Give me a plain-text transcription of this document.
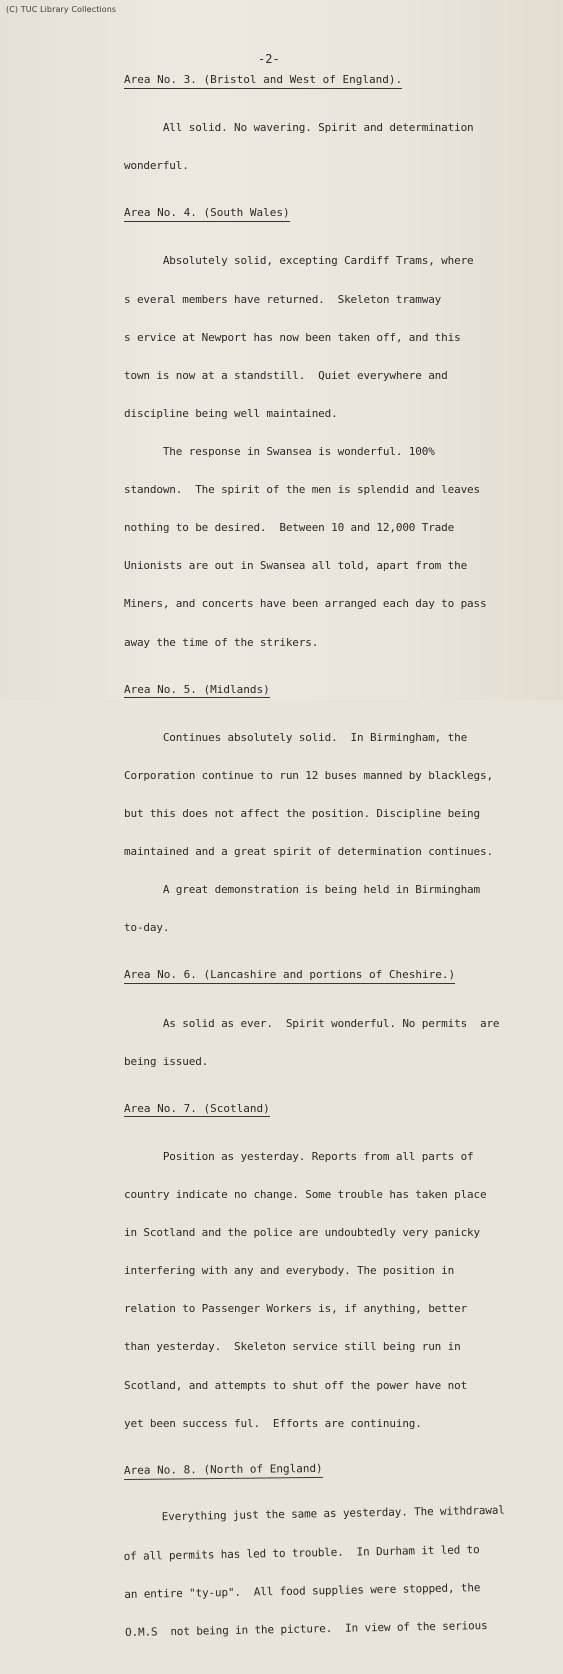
(C) TUC Library Collections
-2-
Area No. 3. (Bristol and West of England).

All solid. No wavering. Spirit and determination

wonderful.

Area No. 4. (South Wales)

Absolutely solid, excepting Cardiff Trams, where

s everal members have returned.  Skeleton tramway

s ervice at Newport has now been taken off, and this

town is now at a standstill.  Quiet everywhere and

discipline being well maintained.

The response in Swansea is wonderful. 100%

standown.  The spirit of the men is splendid and leaves

nothing to be desired.  Between 10 and 12,000 Trade

Unionists are out in Swansea all told, apart from the

Miners, and concerts have been arranged each day to pass

away the time of the strikers.

Area No. 5. (Midlands)

Continues absolutely solid.  In Birmingham, the

Corporation continue to run 12 buses manned by blacklegs,

but this does not affect the position. Discipline being

maintained and a great spirit of determination continues.

A great demonstration is being held in Birmingham

to-day.

Area No. 6. (Lancashire and portions of Cheshire.)

As solid as ever.  Spirit wonderful. No permits  are

being issued.

Area No. 7. (Scotland)

Position as yesterday. Reports from all parts of

country indicate no change. Some trouble has taken place

in Scotland and the police are undoubtedly very panicky

interfering with any and everybody. The position in

relation to Passenger Workers is, if anything, better

than yesterday.  Skeleton service still being run in

Scotland, and attempts to shut off the power have not

yet been success ful.  Efforts are continuing.

Area No. 8. (North of England)

Everything just the same as yesterday. The withdrawal

of all permits has led to trouble.  In Durham it led to

an entire "ty-up".  All food supplies were stopped, the

O.M.S  not being in the picture.  In view of the serious
